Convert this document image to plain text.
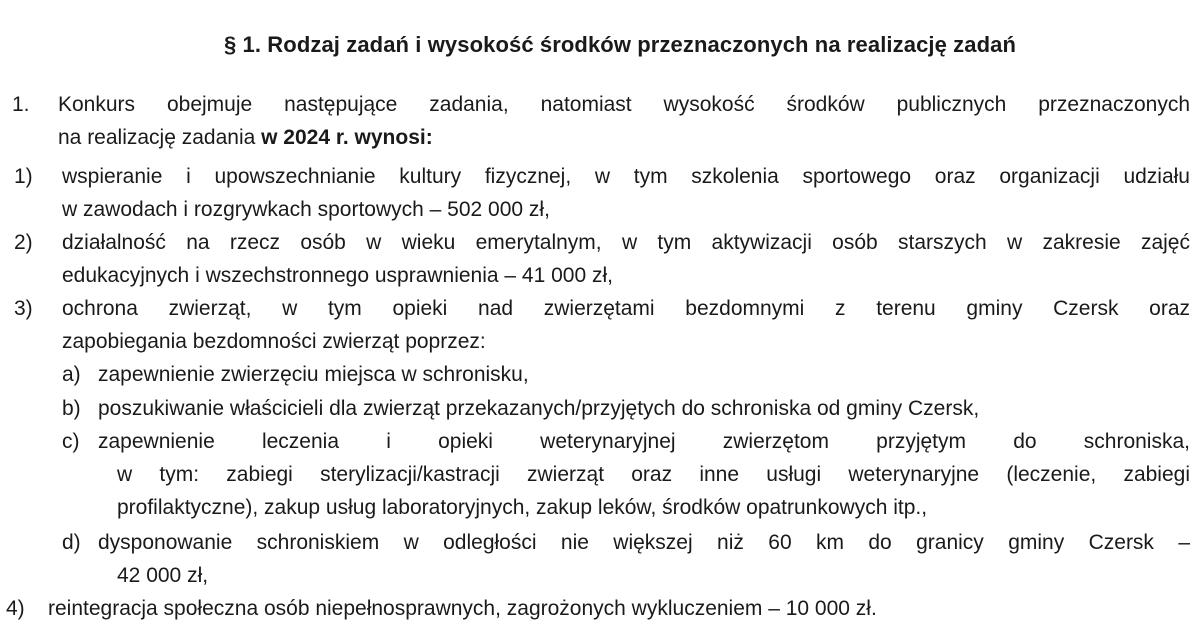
§ 1. Rodzaj zadań i wysokość środków przeznaczonych na realizację zadań
1. Konkurs obejmuje następujące zadania, natomiast wysokość środków publicznych przeznaczonych
na realizację zadania w 2024 r. wynosi:
1) wspieranie i upowszechnianie kultury fizycznej, w tym szkolenia sportowego oraz organizacji udziału
w zawodach i rozgrywkach sportowych – 502 000 zł,
2) działalność na rzecz osób w wieku emerytalnym, w tym aktywizacji osób starszych w zakresie zajęć
edukacyjnych i wszechstronnego usprawnienia – 41 000 zł,
3) ochrona zwierząt, w tym opieki nad zwierzętami bezdomnymi z terenu gminy Czersk oraz
zapobiegania bezdomności zwierząt poprzez:
a) zapewnienie zwierzęciu miejsca w schronisku,
b) poszukiwanie właścicieli dla zwierząt przekazanych/przyjętych do schroniska od gminy Czersk,
c) zapewnienie leczenia i opieki weterynaryjnej zwierzętom przyjętym do schroniska,
w tym: zabiegi sterylizacji/kastracji zwierząt oraz inne usługi weterynaryjne (leczenie, zabiegi
profilaktyczne), zakup usług laboratoryjnych, zakup leków, środków opatrunkowych itp.,
d) dysponowanie schroniskiem w odległości nie większej niż 60 km do granicy gminy Czersk –
42 000 zł,
4) reintegracja społeczna osób niepełnosprawnych, zagrożonych wykluczeniem – 10 000 zł.
